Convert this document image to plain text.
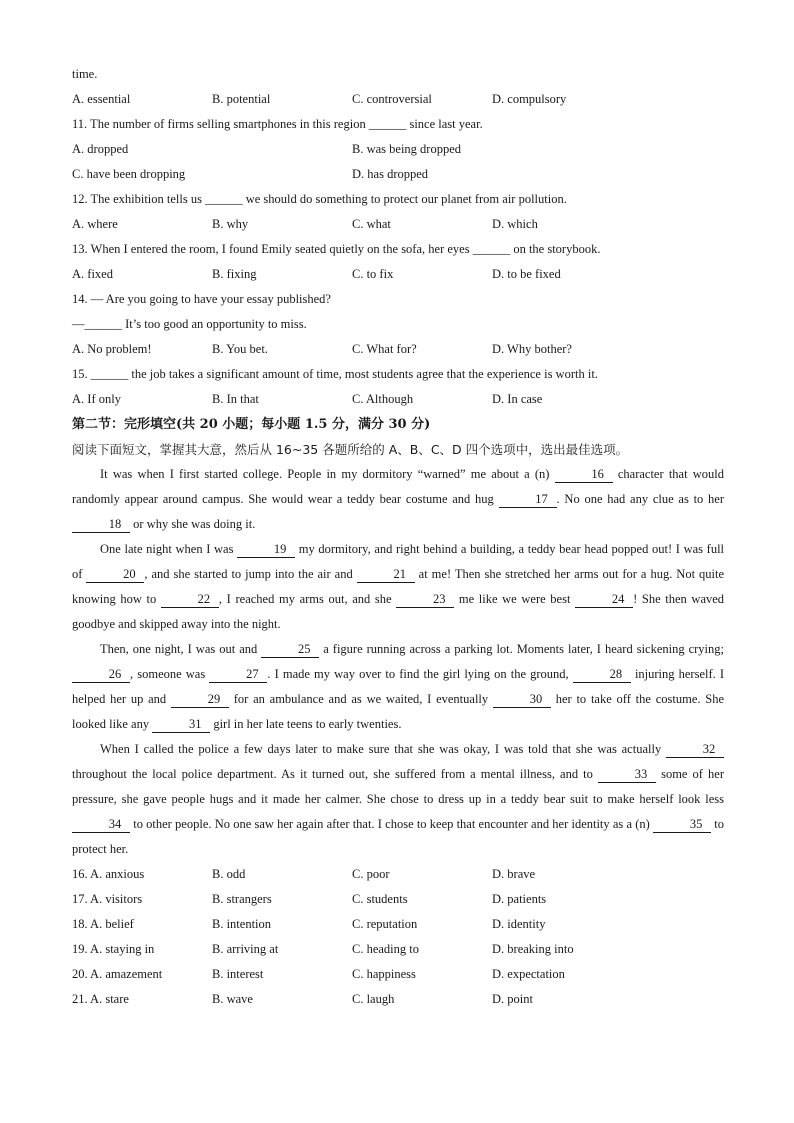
time.
A. essential	B. potential	C. controversial	D. compulsory
11. The number of firms selling smartphones in this region ______ since last year.
A. dropped	B. was being dropped
C. have been dropping	D. has dropped
12. The exhibition tells us ______ we should do something to protect our planet from air pollution.
A. where	B. why	C. what	D. which
13. When I entered the room, I found Emily seated quietly on the sofa, her eyes ______ on the storybook.
A. fixed	B. fixing	C. to fix	D. to be fixed
14. — Are you going to have your essay published?
—______ It’s too good an opportunity to miss.
A. No problem!	B. You bet.	C. What for?	D. Why bother?
15. ______ the job takes a significant amount of time, most students agree that the experience is worth it.
A. If only	B. In that	C. Although	D. In case
第二节：完形填空(共 20 小题；每小题 1.5 分，满分 30 分)
阅读下面短文，掌握其大意，然后从 16~35 各题所给的 A、B、C、D 四个选项中，选出最佳选项。

It was when I first started college. People in my dormitory “warned” me about a (n)	16 character that would randomly appear around campus. She would wear a teddy bear costume and hug	17 . No one had any clue as to her 18 or why she was doing it.

One late night when I was	19 my dormitory, and right behind a building, a teddy bear head popped out! I was full of	20 , and she started to jump into the air and	21 at me! Then she stretched her arms out for a hug. Not quite knowing how to	22 , I reached my arms out, and she	23 me like we were best	24 ! She then waved goodbye and skipped away into the night.

Then, one night, I was out and	25 a figure running across a parking lot. Moments later, I heard sickening crying; 26 , someone was	27 . I made my way over to find the girl lying on the ground,	28 injuring herself. I helped her up and	29 for an ambulance and as we waited, I eventually	30 her to take off the costume. She looked like any	31 girl in her late teens to early twenties.

When I called the police a few days later to make sure that she was okay, I was told that she was actually	32 throughout the local police department. As it turned out, she suffered from a mental illness, and to	33 some of her pressure, she gave people hugs and it made her calmer. She chose to dress up in a teddy bear suit to make herself look less 34 to other people. No one saw her again after that. I chose to keep that encounter and her identity as a (n)	35 to protect her.

16. A. anxious	B. odd	C. poor	D. brave
17. A. visitors	B. strangers	C. students	D. patients
18. A. belief	B. intention	C. reputation	D. identity
19. A. staying in	B. arriving at	C. heading to	D. breaking into
20. A. amazement	B. interest	C. happiness	D. expectation
21. A. stare	B. wave	C. laugh	D. point
